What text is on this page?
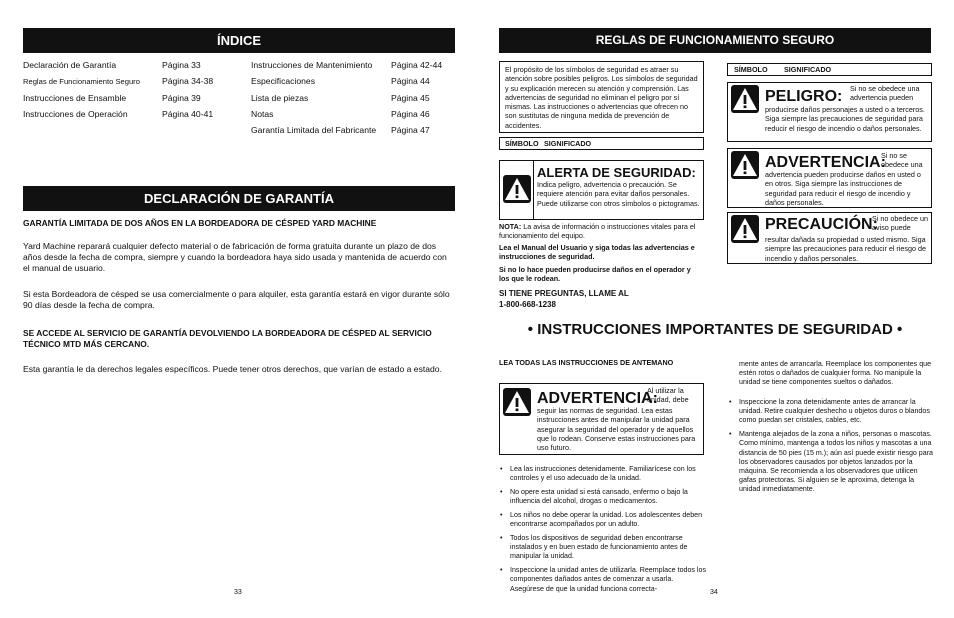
ÍNDICE
Declaración de Garantía	Página 33
Reglas de Funcionamiento Seguro	Página 34-38
Instrucciones de Ensamble	Página 39
Instrucciones de Operación	Página 40-41
Instrucciones de Mantenimiento Página 42-44
Especificaciones	Página 44
Lista de piezas	Página 45
Notas	Página 46
Garantía Limitada del Fabricante Página 47
DECLARACIÓN DE GARANTÍA
GARANTÍA LIMITADA DE DOS AÑOS EN LA BORDEADORA DE CÉSPED YARD MACHINE
Yard Machine reparará cualquier defecto material o de fabricación de forma gratuita durante un plazo de dos años desde la fecha de compra, siempre y cuando la bordeadora haya sido usada y mantenida de acuerdo con el manual de usuario.
Si esta Bordeadora de césped se usa comercialmente o para alquiler, esta garantía estará en vigor durante sólo 90 días desde la fecha de compra.
SE ACCEDE AL SERVICIO DE GARANTÍA DEVOLVIENDO LA BORDEADORA DE CÉSPED AL SERVICIO TÉCNICO MTD MÁS CERCANO.
Esta garantía le da derechos legales específicos. Puede tener otros derechos, que varían de estado a estado.
33
REGLAS DE FUNCIONAMIENTO SEGURO
El propósito de los símbolos de seguridad es atraer su atención sobre posibles peligros. Los símbolos de seguridad y su explicación merecen su atención y comprensión. Las advertencias de seguridad no eliminan el peligro por sí mismas. Las instrucciones o advertencias que ofrecen no son sustitutas de ninguna medida de prevención de accidentes.
SÍMBOLO SIGNIFICADO
ALERTA DE SEGURIDAD:
Indica peligro, advertencia o precaución. Se requiere atención para evitar daños personales. Puede utilizarse con otros símbolos o pictogramas.
NOTA: La avisa de información o instrucciones vitales para el funcionamiento del equipo.
Lea el Manual del Usuario y siga todas las advertencias e instrucciones de seguridad.
Si no lo hace pueden producirse daños en el operador y los que le rodean.
SI TIENE PREGUNTAS, LLAME AL
1-800-668-1238
SÍMBOLO SIGNIFICADO
PELIGRO: Si no se obedece una advertencia pueden
producirse daños personajes a usted o a terceros. Siga siempre las precauciones de seguridad para reducir el riesgo de incendio o daños personales.
ADVERTENCIA:
Si no se obedece una
advertencia pueden producirse daños en usted o en otros. Siga siempre las instrucciones de seguridad para reducir el riesgo de incendio y daños personales.
PRECAUCIÓN:
Si no obedece un aviso puede
resultar dañada su propiedad o usted mismo. Siga siempre las precauciones para reducir el riesgo de incendio y daños personales.
• INSTRUCCIONES IMPORTANTES DE SEGURIDAD •
LEA TODAS LAS INSTRUCCIONES DE ANTEMANO
ADVERTENCIA:
Al utilizar la unidad, debe
seguir las normas de seguridad. Lea estas instrucciones antes de manipular la unidad para asegurar la seguridad del operador y de aquellos que lo rodean. Conserve estas instrucciones para uso futuro.
• Lea las instrucciones detenidamente. Familiarícese con los controles y el uso adecuado de la unidad.
• No opere esta unidad si está cansado, enfermo o bajo la influencia del alcohol, drogas o medicamentos.
• Los niños no debe operar la unidad. Los adolescentes deben encontrarse acompañados por un adulto.
• Todos los dispositivos de seguridad deben encontrarse instalados y en buen estado de funcionamiento antes de manipular la unidad.
• Inspeccione la unidad antes de utilizarla. Reemplace todos los componentes dañados antes de comenzar a usarla. Asegúrese de que la unidad funciona correcta-
mente antes de arrancarla. Reemplace los componentes que estén rotos o dañados de cualquier forma. No manipule la unidad se tiene componentes sueltos o dañados.
• Inspeccione la zona detenidamente antes de arrancar la unidad. Retire cualquier deshecho u objetos duros o blandos como puedan ser cristales, cables, etc.
• Mantenga alejados de la zona a niños, personas o mascotas. Como mínimo, mantenga a todos los niños y mascotas a una distancia de 50 pies (15 m.); aún así puede existir riesgo para los observadores causados por objetos lanzados por la máquina. Se recomienda a los observadores que utilicen gafas protectoras. Si alguien se le aproxima, detenga la unidad inmediatamente.
34
